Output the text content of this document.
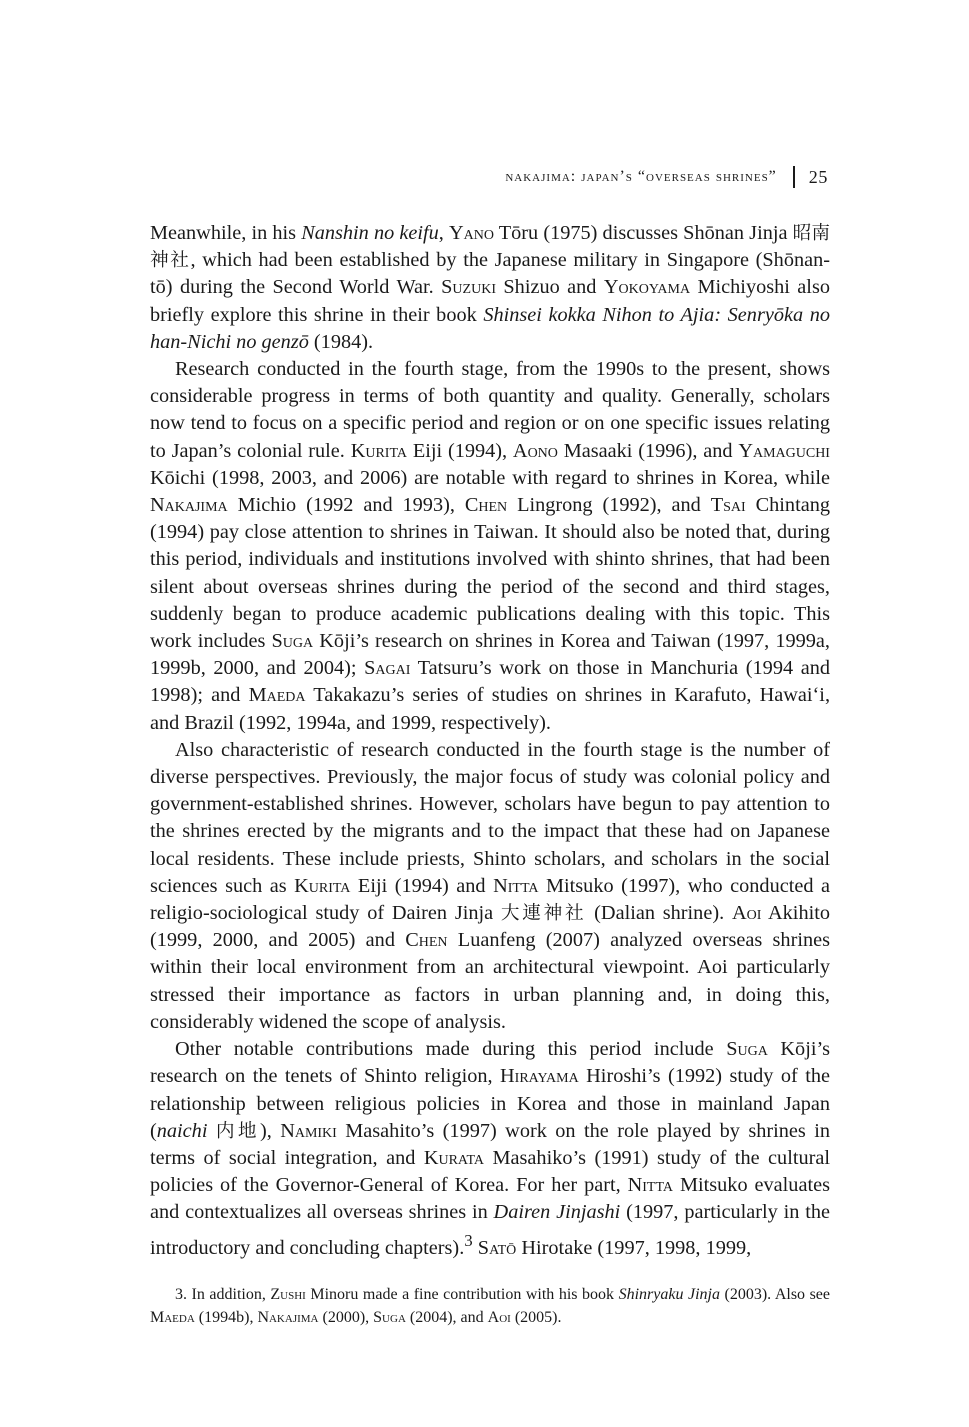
nakajima: japan’s “overseas shrines” 25

Meanwhile, in his Nanshin no keifu, Yano Tōru (1975) discusses Shōnan Jinja 昭南神社, which had been established by the Japanese military in Singapore (Shōnan-tō) during the Second World War. Suzuki Shizuo and Yokoyama Michiyoshi also briefly explore this shrine in their book Shinsei kokka Nihon to Ajia: Senryōka no han-Nichi no genzō (1984).

Research conducted in the fourth stage, from the 1990s to the present, shows considerable progress in terms of both quantity and quality. Generally, scholars now tend to focus on a specific period and region or on one specific issues relating to Japan’s colonial rule. Kurita Eiji (1994), Aono Masaaki (1996), and Yamaguchi Kōichi (1998, 2003, and 2006) are notable with regard to shrines in Korea, while Nakajima Michio (1992 and 1993), Chen Lingrong (1992), and Tsai Chintang (1994) pay close attention to shrines in Taiwan. It should also be noted that, during this period, individuals and institutions involved with shinto shrines, that had been silent about overseas shrines during the period of the second and third stages, suddenly began to produce academic publications dealing with this topic. This work includes Suga Kōji’s research on shrines in Korea and Taiwan (1997, 1999a, 1999b, 2000, and 2004); Sagai Tatsuru’s work on those in Manchuria (1994 and 1998); and Maeda Takakazu’s series of studies on shrines in Karafuto, Hawai‘i, and Brazil (1992, 1994a, and 1999, respectively).

Also characteristic of research conducted in the fourth stage is the number of diverse perspectives. Previously, the major focus of study was colonial policy and government-established shrines. However, scholars have begun to pay attention to the shrines erected by the migrants and to the impact that these had on Japanese local residents. These include priests, Shinto scholars, and scholars in the social sciences such as Kurita Eiji (1994) and Nitta Mitsuko (1997), who conducted a religio-sociological study of Dairen Jinja 大連神社 (Dalian shrine). Aoi Akihito (1999, 2000, and 2005) and Chen Luanfeng (2007) analyzed overseas shrines within their local environment from an architectural viewpoint. Aoi particularly stressed their importance as factors in urban planning and, in doing this, considerably widened the scope of analysis.

Other notable contributions made during this period include Suga Kōji’s research on the tenets of Shinto religion, Hirayama Hiroshi’s (1992) study of the relationship between religious policies in Korea and those in mainland Japan (naichi 内地), Namiki Masahito’s (1997) work on the role played by shrines in terms of social integration, and Kurata Masahiko’s (1991) study of the cultural policies of the Governor-General of Korea. For her part, Nitta Mitsuko evaluates and contextualizes all overseas shrines in Dairen Jinjashi (1997, particularly in the introductory and concluding chapters).$^3$ Satō Hirotake (1997, 1998, 1999,

3. In addition, Zushi Minoru made a fine contribution with his book Shinryaku Jinja (2003). Also see Maeda (1994b), Nakajima (2000), Suga (2004), and Aoi (2005).
